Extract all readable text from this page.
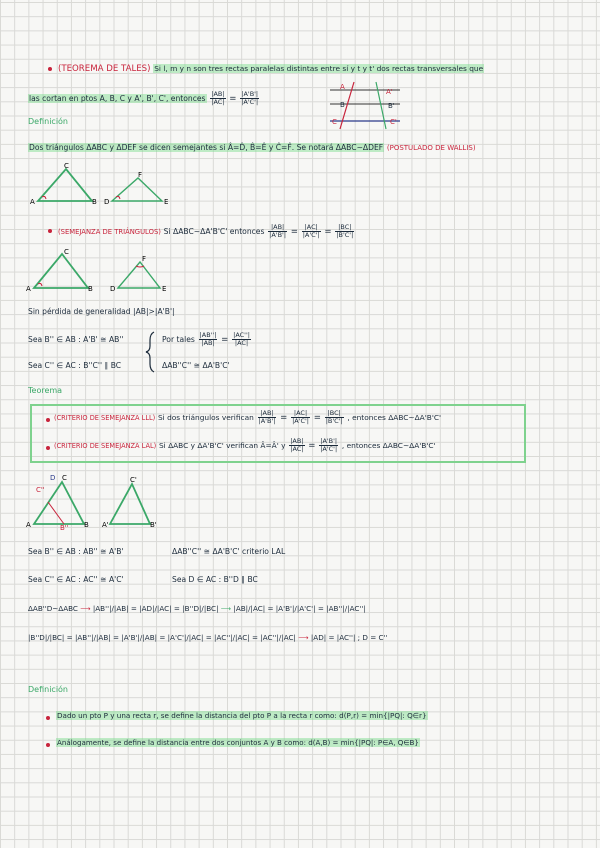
(TEOREMA DE TALES) Si l, m y n son tres rectas paralelas distintas entre sí y t y t' dos rectas transversales que
las cortan en ptos A, B, C y A', B', C', entonces $\frac{|AB|}{|AC|} = \frac{|A'B'|}{|A'C'|}$
A
B
C
A'
B'
C'
Definición
Dos triángulos ΔABC y ΔDEF se dicen semejantes si Â=D̂, B̂=Ê y Ĉ=F̂. Se notará ΔABC~ΔDEF (POSTULADO DE WALLIS)
A	B
C
D	E
F
(SEMEJANZA DE TRIÁNGULOS) Si ΔABC~ΔA'B'C' entonces $\frac{|AB|}{|A'B'|} = \frac{|AC|}{|A'C'|} = \frac{|BC|}{|B'C'|}$
A	B
C
D	E
F
Sin pérdida de generalidad |AB|>|A'B'|
Sea B'' ∈ AB : A'B' ≅ AB''
Sea C'' ∈ AC : B''C'' ∥ BC
Por tales $\frac{|AB''|}{|AB|} = \frac{|AC''|}{|AC|}$
ΔAB''C'' ≅ ΔA'B'C'
Teorema
(CRITERIO DE SEMEJANZA LLL) Si dos triángulos verifican $\frac{|AB|}{|A'B'|} = \frac{|AC|}{|A'C'|} = \frac{|BC|}{|B'C'|}$ , entonces ΔABC~ΔA'B'C'
(CRITERIO DE SEMEJANZA LAL) Si ΔABC y ΔA'B'C' verifican Â=Â' y $\frac{|AB|}{|AC|} = \frac{|A'B'|}{|A'C'|}$ , entonces ΔABC~ΔA'B'C'
D C
C''
A	B'' B
C'
A'	B'
Sea B'' ∈ AB : AB'' ≅ A'B'	ΔAB''C'' ≅ ΔA'B'C' criterio LAL
Sea C'' ∈ AC : AC'' ≅ A'C'	Sea D ∈ AC : B''D ∥ BC
ΔAB''D~ΔABC ⟶ |AB''|/|AB| = |AD|/|AC| = |B''D|/|BC| ⟶ |AB|/|AC| = |A'B'|/|A'C'| = |AB''|/|AC''|
|B''D|/|BC| = |AB''|/|AB| = |A'B'|/|AB| = |A'C'|/|AC| = |AC''|/|AC| = |AC''|/|AC| ⟶ |AD| = |AC''| ; D = C''
Definición
Dado un pto P y una recta r, se define la distancia del pto P a la recta r como: d(P,r) = min{|PQ|: Q∈r}
Análogamente, se define la distancia entre dos conjuntos A y B como: d(A,B) = min{|PQ|: P∈A, Q∈B}
